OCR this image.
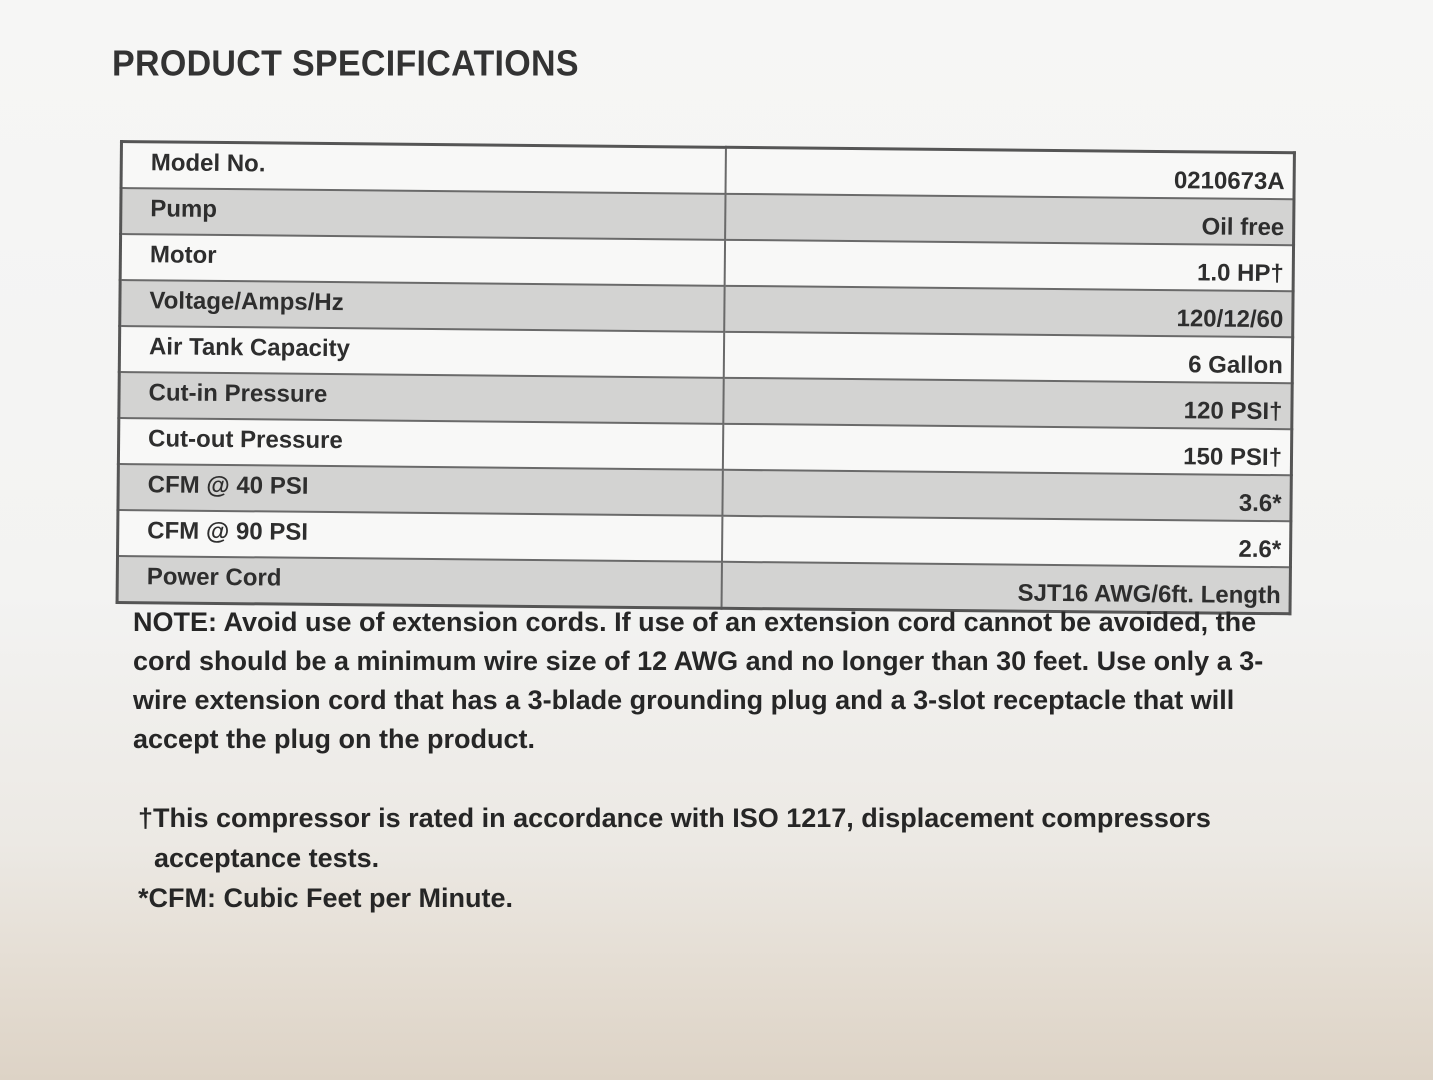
PRODUCT SPECIFICATIONS
Model No.	0210673A
Pump	Oil free
Motor	1.0 HP†
Voltage/Amps/Hz	120/12/60
Air Tank Capacity	6 Gallon
Cut-in Pressure	120 PSI†
Cut-out Pressure	150 PSI†
CFM @ 40 PSI	3.6*
CFM @ 90 PSI	2.6*
Power Cord	SJT16 AWG/6ft. Length
NOTE: Avoid use of extension cords. If use of an extension cord cannot be avoided, the cord should be a minimum wire size of 12 AWG and no longer than 30 feet. Use only a 3-wire extension cord that has a 3-blade grounding plug and a 3-slot receptacle that will accept the plug on the product.
†This compressor is rated in accordance with ISO 1217, displacement compressors
acceptance tests.
*CFM: Cubic Feet per Minute.
